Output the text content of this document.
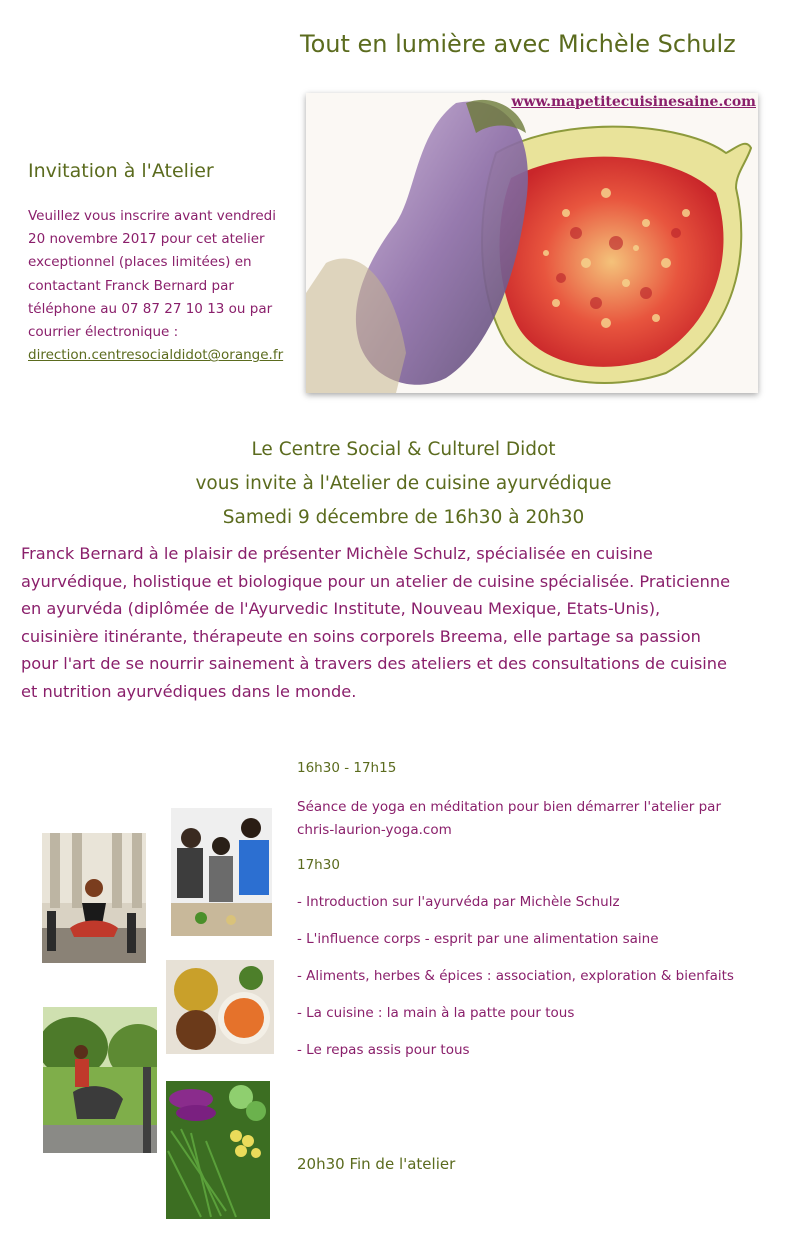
Tout en lumière avec Michèle Schulz
www.mapetitecuisinesaine.com
Invitation à l'Atelier
Veuillez vous inscrire avant vendredi
20 novembre 2017 pour cet atelier
exceptionnel (places limitées) en
contactant Franck Bernard par
téléphone au 07 87 27 10 13 ou par
courrier électronique :
direction.centresocialdidot@orange.fr
Le Centre Social & Culturel Didot
vous invite à l'Atelier de cuisine ayurvédique
Samedi 9 décembre de 16h30 à 20h30
Franck Bernard à le plaisir de présenter Michèle Schulz, spécialisée en cuisine
ayurvédique, holistique et biologique pour un atelier de cuisine spécialisée. Praticienne
en ayurvéda (diplômée de l'Ayurvedic Institute, Nouveau Mexique, Etats-Unis),
cuisinière itinérante, thérapeute en soins corporels Breema, elle partage sa passion
pour l'art de se nourrir sainement à travers des ateliers et des consultations de cuisine
et nutrition ayurvédiques dans le monde.
16h30 - 17h15
Séance de yoga en méditation pour bien démarrer l'atelier par
chris-laurion-yoga.com
17h30
- Introduction sur l'ayurvéda par Michèle Schulz
- L'influence corps - esprit par une alimentation saine
- Aliments, herbes & épices : association, exploration & bienfaits
- La cuisine : la main à la patte pour tous
- Le repas assis pour tous
20h30 Fin de l'atelier
